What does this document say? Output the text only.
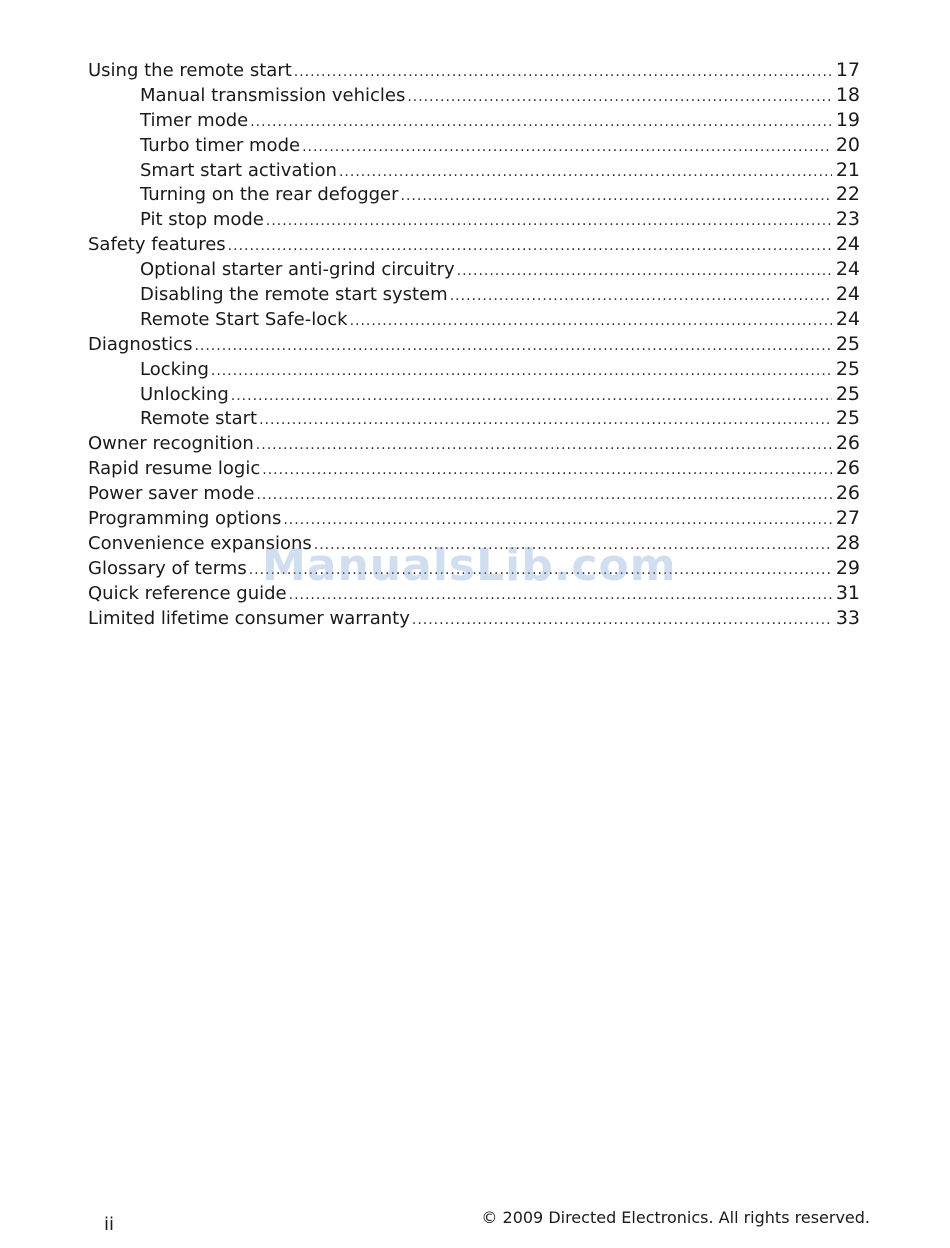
Using the remote start .....	17
Manual transmission vehicles .....	18
Timer mode .....	19
Turbo timer mode .....	20
Smart start activation .....	21
Turning on the rear defogger .....	22
Pit stop mode .....	23
Safety features .....	24
Optional starter anti-grind circuitry .....	24
Disabling the remote start system .....	24
Remote Start Safe-lock .....	24
Diagnostics .....	25
Locking .....	25
Unlocking .....	25
Remote start .....	25
Owner recognition .....	26
Rapid resume logic .....	26
Power saver mode .....	26
Programming options .....	27
Convenience expansions .....	28
Glossary of terms .....	29
Quick reference guide .....	31
Limited lifetime consumer warranty .....	33
ManualsLib.com
ii	© 2009 Directed Electronics. All rights reserved.
